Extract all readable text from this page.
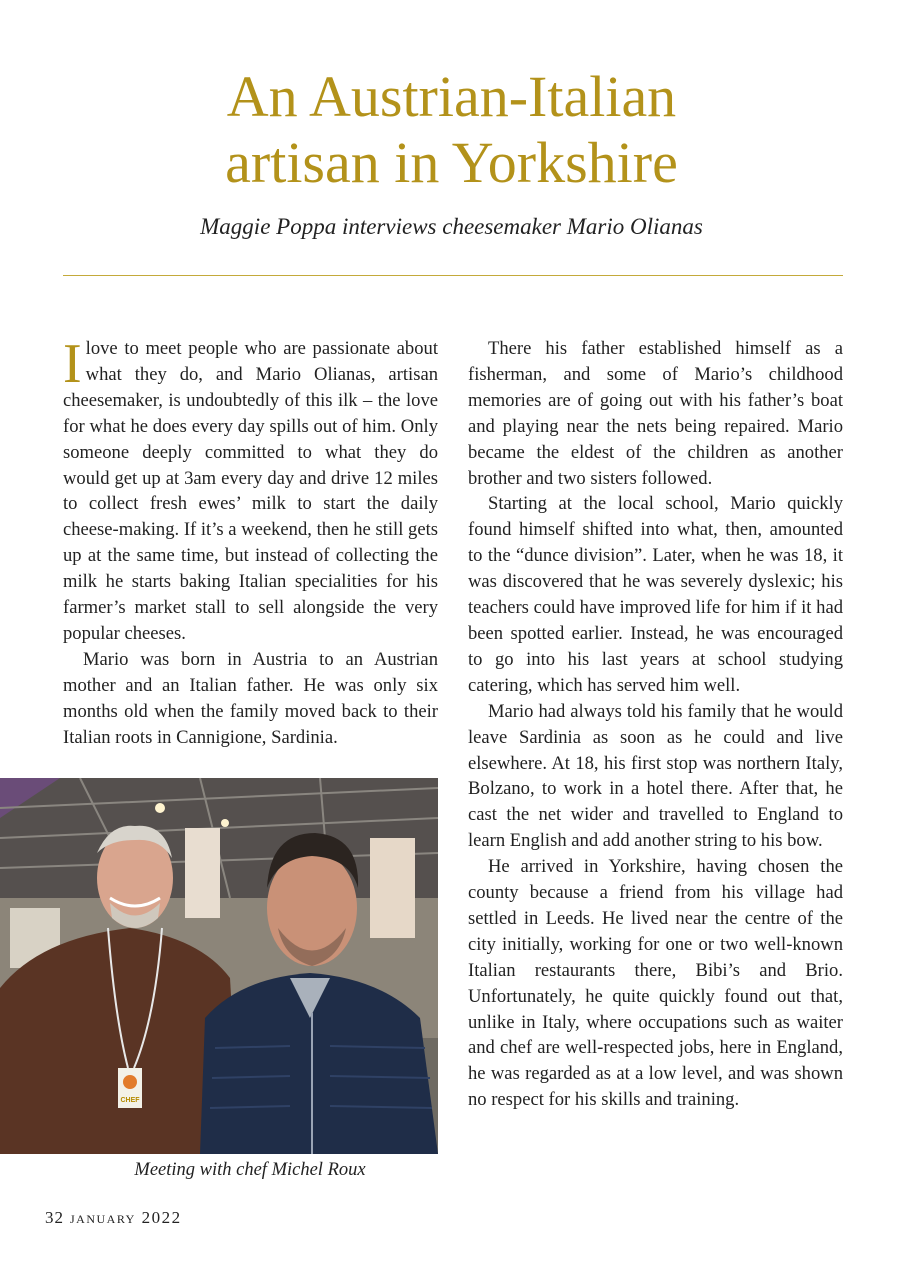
An Austrian-Italian
artisan in Yorkshire

Maggie Poppa interviews cheesemaker Mario Olianas

Ilove to meet people who are passionate about what they do, and Mario Olianas, artisan cheesemaker, is undoubtedly of this ilk – the love for what he does every day spills out of him. Only someone deeply committed to what they do would get up at 3am every day and drive 12 miles to collect fresh ewes’ milk to start the daily cheese-making. If it’s a weekend, then he still gets up at the same time, but instead of collecting the milk he starts baking Italian specialities for his farmer’s market stall to sell alongside the very popular cheeses.

Mario was born in Austria to an Austrian mother and an Italian father. He was only six months old when the family moved back to their Italian roots in Cannigione, Sardinia.

CHEF
Meeting with chef Michel Roux

There his father established himself as a fisherman, and some of Mario’s childhood memories are of going out with his father’s boat and playing near the nets being repaired. Mario became the eldest of the children as another brother and two sisters followed.

Starting at the local school, Mario quickly found himself shifted into what, then, amounted to the “dunce division”. Later, when he was 18, it was discovered that he was severely dyslexic; his teachers could have improved life for him if it had been spotted earlier. Instead, he was encouraged to go into his last years at school studying catering, which has served him well.

Mario had always told his family that he would leave Sardinia as soon as he could and live elsewhere. At 18, his first stop was northern Italy, Bolzano, to work in a hotel there. After that, he cast the net wider and travelled to England to learn English and add another string to his bow.

He arrived in Yorkshire, having chosen the county because a friend from his village had settled in Leeds. He lived near the centre of the city initially, working for one or two well-known Italian restaurants there, Bibi’s and Brio. Unfortunately, he quite quickly found out that, unlike in Italy, where occupations such as waiter and chef are well-respected jobs, here in England, he was regarded as at a low level, and was shown no respect for his skills and training.

32 january 2022
